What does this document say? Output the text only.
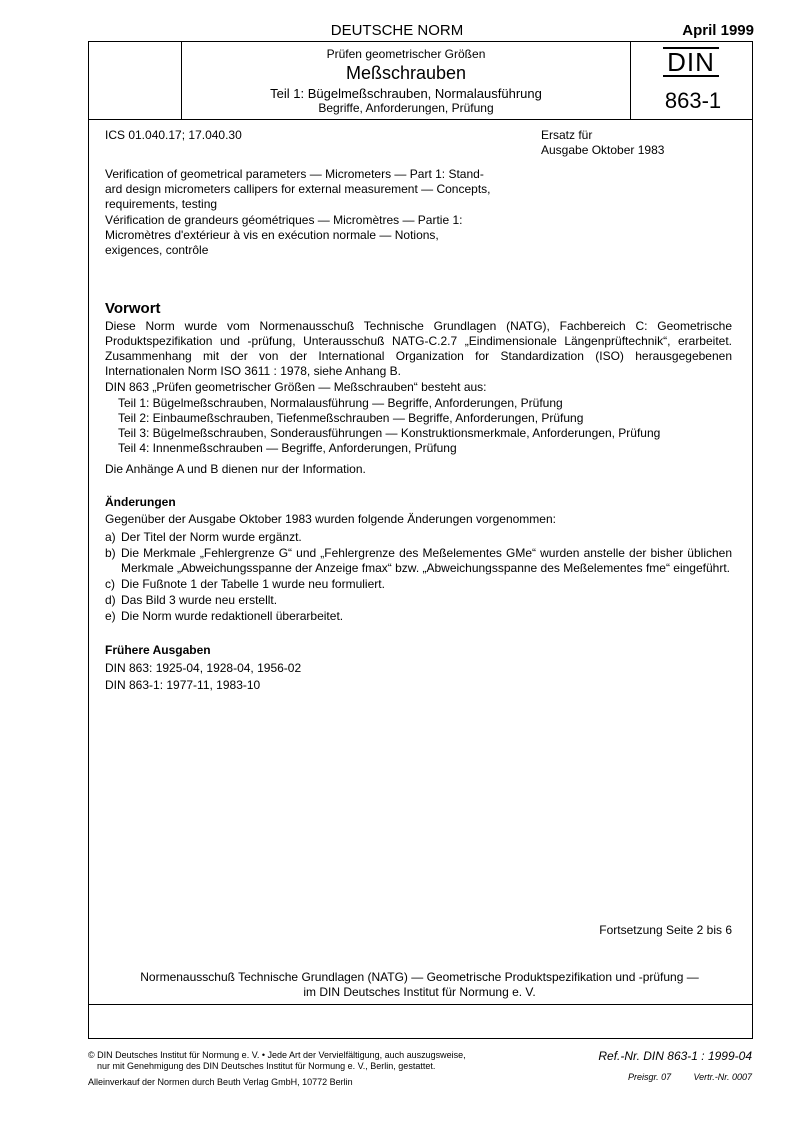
DEUTSCHE NORM	April 1999
Prüfen geometrischer Größen
Meßschrauben
Teil 1: Bügelmeßschrauben, Normalausführung
Begriffe, Anforderungen, Prüfung
DIN
863-1
ICS 01.040.17; 17.040.30	Ersatz für
Ausgabe Oktober 1983
Verification of geometrical parameters — Micrometers — Part 1: Stand-
ard design micrometers callipers for external measurement — Concepts,
requirements, testing
Vérification de grandeurs géométriques — Micromètres — Partie 1:
Micromètres d'extérieur à vis en exécution normale — Notions,
exigences, contrôle
Vorwort
Diese Norm wurde vom Normenausschuß Technische Grundlagen (NATG), Fachbereich C: Geometrische Produktspezifikation und -prüfung, Unterausschuß NATG-C.2.7 „Eindimensionale Längenprüftechnik“, erarbeitet. Zusammenhang mit der von der International Organization for Standardization (ISO) herausgegebenen Internationalen Norm ISO 3611 : 1978, siehe Anhang B.
DIN 863 „Prüfen geometrischer Größen — Meßschrauben“ besteht aus:
Teil 1: Bügelmeßschrauben, Normalausführung — Begriffe, Anforderungen, Prüfung
Teil 2: Einbaumeßschrauben, Tiefenmeßschrauben — Begriffe, Anforderungen, Prüfung
Teil 3: Bügelmeßschrauben, Sonderausführungen — Konstruktionsmerkmale, Anforderungen, Prüfung
Teil 4: Innenmeßschrauben — Begriffe, Anforderungen, Prüfung
Die Anhänge A und B dienen nur der Information.
Änderungen
Gegenüber der Ausgabe Oktober 1983 wurden folgende Änderungen vorgenommen:
a) Der Titel der Norm wurde ergänzt.
b) Die Merkmale „Fehlergrenze G“ und „Fehlergrenze des Meßelementes GMe“ wurden anstelle der bisher üblichen Merkmale „Abweichungsspanne der Anzeige fmax“ bzw. „Abweichungsspanne des Meßelementes fme“ eingeführt.
c) Die Fußnote 1 der Tabelle 1 wurde neu formuliert.
d) Das Bild 3 wurde neu erstellt.
e) Die Norm wurde redaktionell überarbeitet.
Frühere Ausgaben
DIN 863: 1925-04, 1928-04, 1956-02
DIN 863-1: 1977-11, 1983-10
Fortsetzung Seite 2 bis 6
Normenausschuß Technische Grundlagen (NATG) — Geometrische Produktspezifikation und -prüfung —
im DIN Deutsches Institut für Normung e. V.
© DIN Deutsches Institut für Normung e. V. • Jede Art der Vervielfältigung, auch auszugsweise,
nur mit Genehmigung des DIN Deutsches Institut für Normung e. V., Berlin, gestattet.
Ref.-Nr. DIN 863-1 : 1999-04
Preisgr. 07 Vertr.-Nr. 0007
Alleinverkauf der Normen durch Beuth Verlag GmbH, 10772 Berlin
